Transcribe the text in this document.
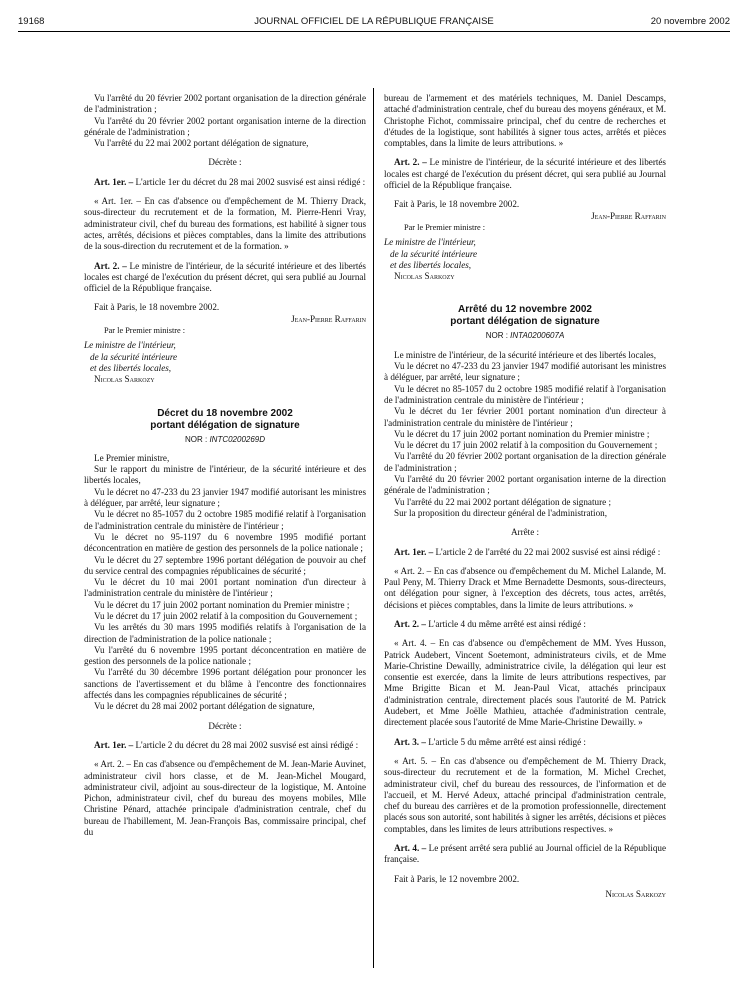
19168	JOURNAL OFFICIEL DE LA RÉPUBLIQUE FRANÇAISE	20 novembre 2002

Vu l'arrêté du 20 février 2002 portant organisation de la direction générale de l'administration ;

Vu l'arrêté du 20 février 2002 portant organisation interne de la direction générale de l'administration ;

Vu l'arrêté du 22 mai 2002 portant délégation de signature,

Décrète :

Art. 1er. – L'article 1er du décret du 28 mai 2002 susvisé est ainsi rédigé :

« Art. 1er. – En cas d'absence ou d'empêchement de M. Thierry Drack, sous-directeur du recrutement et de la formation, M. Pierre-Henri Vray, administrateur civil, chef du bureau des formations, est habilité à signer tous actes, arrêtés, décisions et pièces comptables, dans la limite des attributions de la sous-direction du recrutement et de la formation. »

Art. 2. – Le ministre de l'intérieur, de la sécurité intérieure et des libertés locales est chargé de l'exécution du présent décret, qui sera publié au Journal officiel de la République française.

Fait à Paris, le 18 novembre 2002.

Jean-Pierre Raffarin

Par le Premier ministre :

Le ministre de l'intérieur,

de la sécurité intérieure

et des libertés locales,

Nicolas Sarkozy

Décret du 18 novembre 2002

portant délégation de signature

NOR : INTC0200269D

Le Premier ministre,

Sur le rapport du ministre de l'intérieur, de la sécurité intérieure et des libertés locales,

Vu le décret no 47-233 du 23 janvier 1947 modifié autorisant les ministres à déléguer, par arrêté, leur signature ;

Vu le décret no 85-1057 du 2 octobre 1985 modifié relatif à l'organisation de l'administration centrale du ministère de l'intérieur ;

Vu le décret no 95-1197 du 6 novembre 1995 modifié portant déconcentration en matière de gestion des personnels de la police nationale ;

Vu le décret du 27 septembre 1996 portant délégation de pouvoir au chef du service central des compagnies républicaines de sécurité ;

Vu le décret du 10 mai 2001 portant nomination d'un directeur à l'administration centrale du ministère de l'intérieur ;

Vu le décret du 17 juin 2002 portant nomination du Premier ministre ;

Vu le décret du 17 juin 2002 relatif à la composition du Gouvernement ;

Vu les arrêtés du 30 mars 1995 modifiés relatifs à l'organisation de la direction de l'administration de la police nationale ;

Vu l'arrêté du 6 novembre 1995 portant déconcentration en matière de gestion des personnels de la police nationale ;

Vu l'arrêté du 30 décembre 1996 portant délégation pour prononcer les sanctions de l'avertissement et du blâme à l'encontre des fonctionnaires affectés dans les compagnies républicaines de sécurité ;

Vu le décret du 28 mai 2002 portant délégation de signature,

Décrète :

Art. 1er. – L'article 2 du décret du 28 mai 2002 susvisé est ainsi rédigé :

« Art. 2. – En cas d'absence ou d'empêchement de M. Jean-Marie Auvinet, administrateur civil hors classe, et de M. Jean-Michel Mougard, administrateur civil, adjoint au sous-directeur de la logistique, M. Antoine Pichon, administrateur civil, chef du bureau des moyens mobiles, Mlle Christine Pénard, attachée principale d'administration centrale, chef du bureau de l'habillement, M. Jean-François Bas, commissaire principal, chef du

bureau de l'armement et des matériels techniques, M. Daniel Descamps, attaché d'administration centrale, chef du bureau des moyens généraux, et M. Christophe Fichot, commissaire principal, chef du centre de recherches et d'études de la logistique, sont habilités à signer tous actes, arrêtés et pièces comptables, dans la limite de leurs attributions. »

Art. 2. – Le ministre de l'intérieur, de la sécurité intérieure et des libertés locales est chargé de l'exécution du présent décret, qui sera publié au Journal officiel de la République française.

Fait à Paris, le 18 novembre 2002.

Jean-Pierre Raffarin

Par le Premier ministre :

Le ministre de l'intérieur,

de la sécurité intérieure

et des libertés locales,

Nicolas Sarkozy

Arrêté du 12 novembre 2002

portant délégation de signature

NOR : INTA0200607A

Le ministre de l'intérieur, de la sécurité intérieure et des libertés locales,

Vu le décret no 47-233 du 23 janvier 1947 modifié autorisant les ministres à déléguer, par arrêté, leur signature ;

Vu le décret no 85-1057 du 2 octobre 1985 modifié relatif à l'organisation de l'administration centrale du ministère de l'intérieur ;

Vu le décret du 1er février 2001 portant nomination d'un directeur à l'administration centrale du ministère de l'intérieur ;

Vu le décret du 17 juin 2002 portant nomination du Premier ministre ;

Vu le décret du 17 juin 2002 relatif à la composition du Gouvernement ;

Vu l'arrêté du 20 février 2002 portant organisation de la direction générale de l'administration ;

Vu l'arrêté du 20 février 2002 portant organisation interne de la direction générale de l'administration ;

Vu l'arrêté du 22 mai 2002 portant délégation de signature ;

Sur la proposition du directeur général de l'administration,

Arrête :

Art. 1er. – L'article 2 de l'arrêté du 22 mai 2002 susvisé est ainsi rédigé :

« Art. 2. – En cas d'absence ou d'empêchement du M. Michel Lalande, M. Paul Peny, M. Thierry Drack et Mme Bernadette Desmonts, sous-directeurs, ont délégation pour signer, à l'exception des décrets, tous actes, arrêtés, décisions et pièces comptables, dans la limite de leurs attributions. »

Art. 2. – L'article 4 du même arrêté est ainsi rédigé :

« Art. 4. – En cas d'absence ou d'empêchement de MM. Yves Husson, Patrick Audebert, Vincent Soetemont, administrateurs civils, et de Mme Marie-Christine Dewailly, administratrice civile, la délégation qui leur est consentie est exercée, dans la limite de leurs attributions respectives, par Mme Brigitte Bican et M. Jean-Paul Vicat, attachés principaux d'administration centrale, directement placés sous l'autorité de M. Patrick Audebert, et Mme Joëlle Mathieu, attachée d'administration centrale, directement placée sous l'autorité de Mme Marie-Christine Dewailly. »

Art. 3. – L'article 5 du même arrêté est ainsi rédigé :

« Art. 5. – En cas d'absence ou d'empêchement de M. Thierry Drack, sous-directeur du recrutement et de la formation, M. Michel Crechet, administrateur civil, chef du bureau des ressources, de l'information et de l'accueil, et M. Hervé Adeux, attaché principal d'administration centrale, chef du bureau des carrières et de la promotion professionnelle, directement placés sous son autorité, sont habilités à signer les arrêtés, décisions et pièces comptables, dans les limites de leurs attributions respectives. »

Art. 4. – Le présent arrêté sera publié au Journal officiel de la République française.

Fait à Paris, le 12 novembre 2002.

Nicolas Sarkozy
